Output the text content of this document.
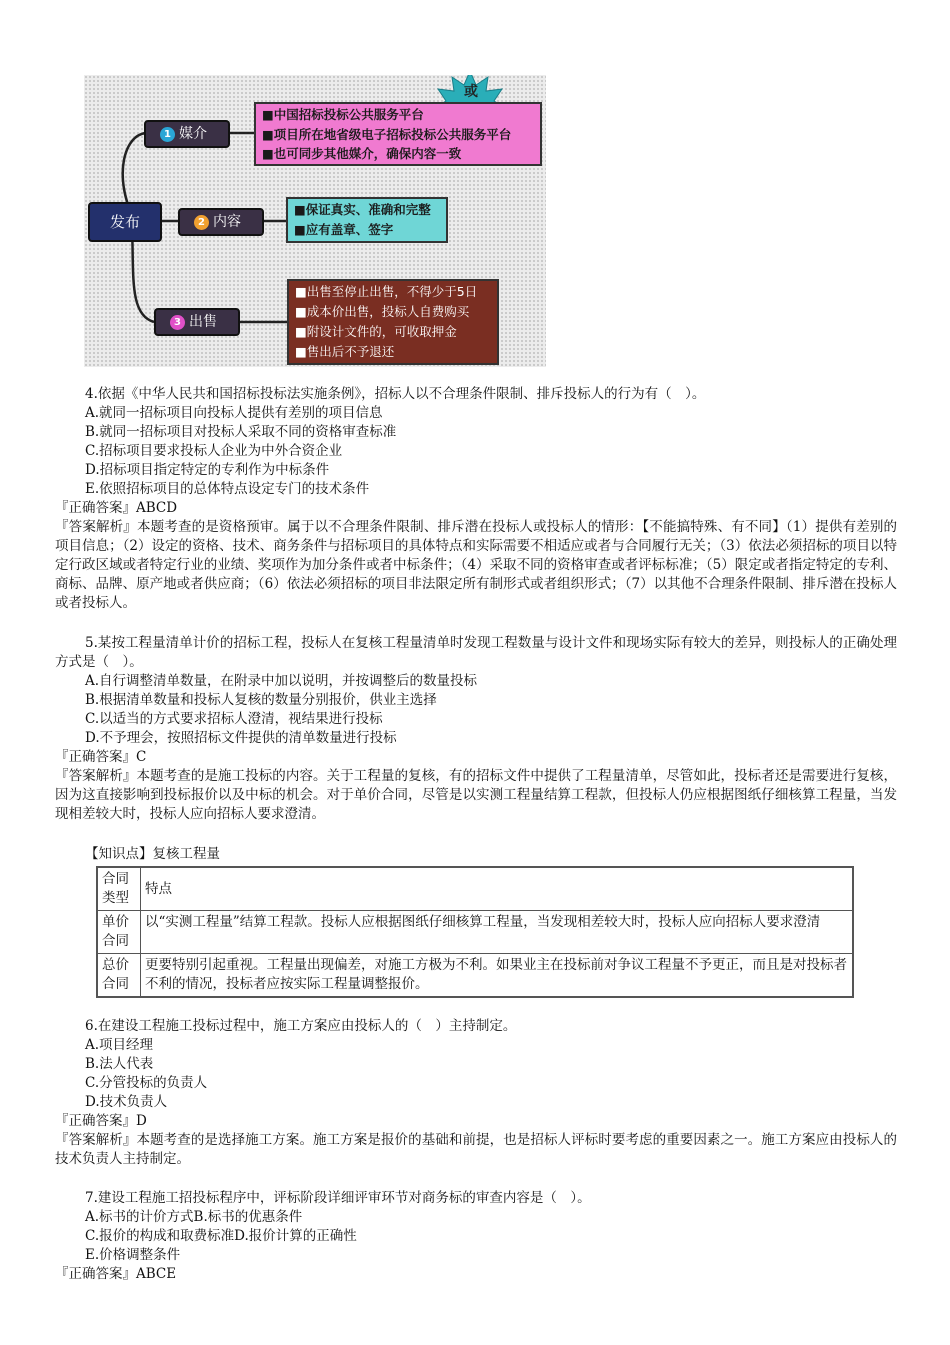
或
发布
1 媒介
2 内容
3 出售
■中国招标投标公共服务平台
■项目所在地省级电子招标投标公共服务平台
■也可同步其他媒介，确保内容一致
■保证真实、准确和完整
■应有盖章、签字
■出售至停止出售，不得少于5日
■成本价出售，投标人自费购买
■附设计文件的，可收取押金
■售出后不予退还
4.依据《中华人民共和国招标投标法实施条例》，招标人以不合理条件限制、排斥投标人的行为有（　）。
A.就同一招标项目向投标人提供有差别的项目信息
B.就同一招标项目对投标人采取不同的资格审查标准
C.招标项目要求投标人企业为中外合资企业
D.招标项目指定特定的专利作为中标条件
E.依照招标项目的总体特点设定专门的技术条件
『正确答案』ABCD
『答案解析』本题考查的是资格预审。属于以不合理条件限制、排斥潜在投标人或投标人的情形：【不能搞特殊、有不同】（1）提供有差别的项目信息；（2）设定的资格、技术、商务条件与招标项目的具体特点和实际需要不相适应或者与合同履行无关；（3）依法必须招标的项目以特定行政区域或者特定行业的业绩、奖项作为加分条件或者中标条件；（4）采取不同的资格审查或者评标标准；（5）限定或者指定特定的专利、商标、品牌、原产地或者供应商；（6）依法必须招标的项目非法限定所有制形式或者组织形式；（7）以其他不合理条件限制、排斥潜在投标人或者投标人。
5.某按工程量清单计价的招标工程，投标人在复核工程量清单时发现工程数量与设计文件和现场实际有较大的差异，则投标人的正确处理方式是（　）。
A.自行调整清单数量，在附录中加以说明，并按调整后的数量投标
B.根据清单数量和投标人复核的数量分别报价，供业主选择
C.以适当的方式要求招标人澄清，视结果进行投标
D.不予理会，按照招标文件提供的清单数量进行投标
『正确答案』C
『答案解析』本题考查的是施工投标的内容。关于工程量的复核，有的招标文件中提供了工程量清单，尽管如此，投标者还是需要进行复核，因为这直接影响到投标报价以及中标的机会。对于单价合同，尽管是以实测工程量结算工程款，但投标人仍应根据图纸仔细核算工程量，当发现相差较大时，投标人应向招标人要求澄清。
【知识点】复核工程量
合同类型	特点
单价合同	以“实测工程量”结算工程款。投标人应根据图纸仔细核算工程量，当发现相差较大时，投标人应向招标人要求澄清
总价合同	更要特别引起重视。工程量出现偏差，对施工方极为不利。如果业主在投标前对争议工程量不予更正，而且是对投标者不利的情况，投标者应按实际工程量调整报价。
6.在建设工程施工投标过程中，施工方案应由投标人的（　）主持制定。
A.项目经理
B.法人代表
C.分管投标的负责人
D.技术负责人
『正确答案』D
『答案解析』本题考查的是选择施工方案。施工方案是报价的基础和前提，也是招标人评标时要考虑的重要因素之一。施工方案应由投标人的技术负责人主持制定。
7.建设工程施工招投标程序中，评标阶段详细评审环节对商务标的审查内容是（　）。
A.标书的计价方式B.标书的优惠条件
C.报价的构成和取费标准D.报价计算的正确性
E.价格调整条件
『正确答案』ABCE
